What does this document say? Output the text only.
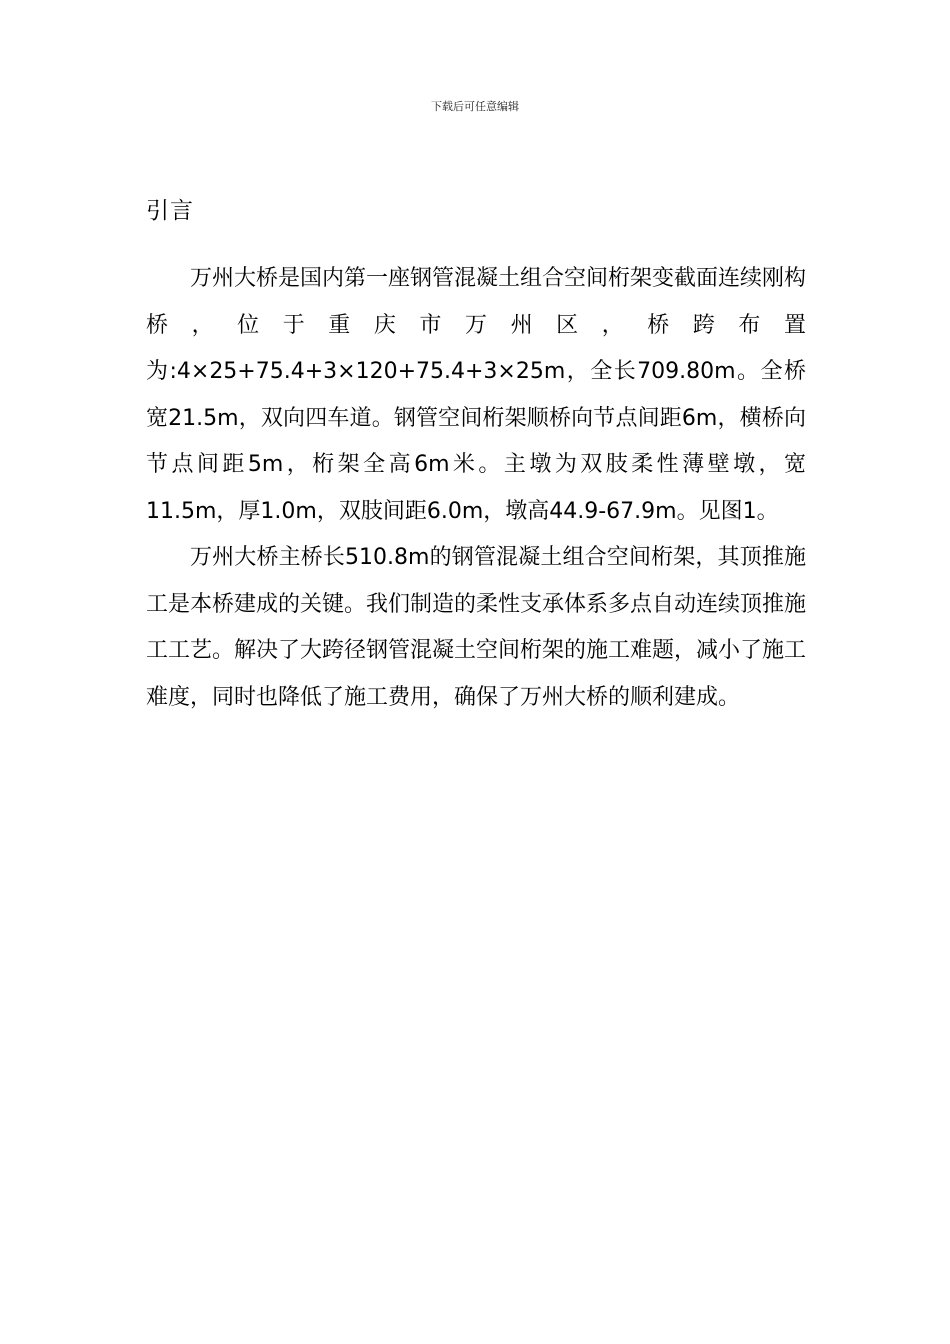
下载后可任意编辑
引言

万州大桥是国内第一座钢管混凝土组合空间桁架变截面连续刚构桥，位于重庆市万州区，桥跨布置为:4×25+75.4+3×120+75.4+3×25m，全长709.80m。全桥宽21.5m，双向四车道。钢管空间桁架顺桥向节点间距6m，横桥向节点间距5m，桁架全高6m米。主墩为双肢柔性薄壁墩，宽11.5m，厚1.0m，双肢间距6.0m，墩高44.9-67.9m。见图1。

万州大桥主桥长510.8m的钢管混凝土组合空间桁架，其顶推施工是本桥建成的关键。我们制造的柔性支承体系多点自动连续顶推施工工艺。解决了大跨径钢管混凝土空间桁架的施工难题，减小了施工难度，同时也降低了施工费用，确保了万州大桥的顺利建成。
